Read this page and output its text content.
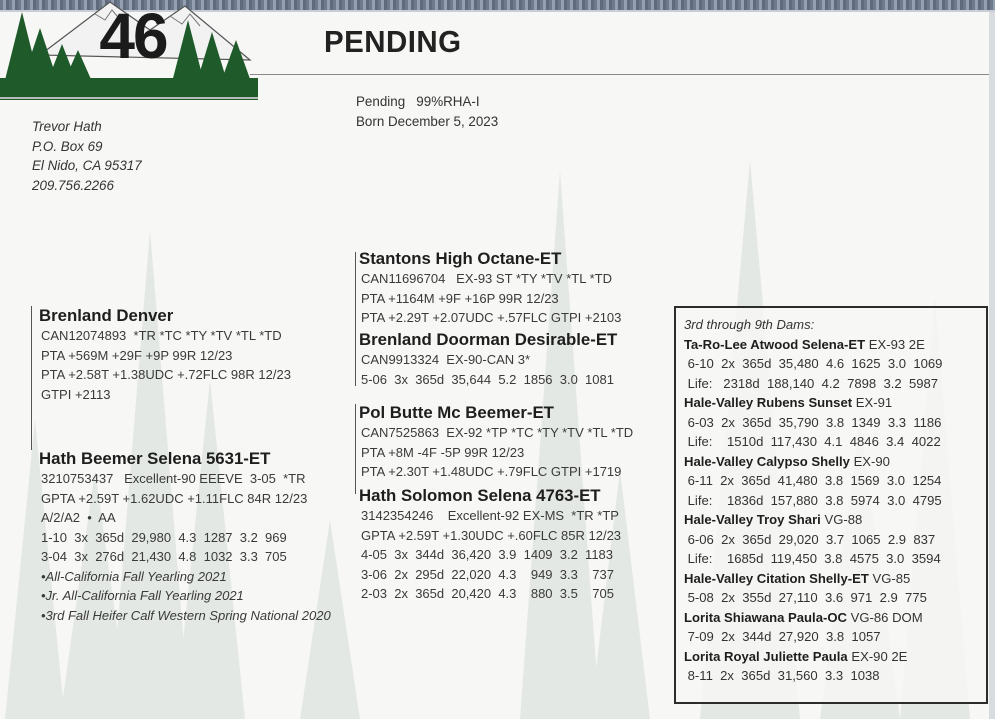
46	PENDING
Trevor Hath
P.O. Box 69
El Nido, CA 95317
209.756.2266
Pending   99%RHA-I
Born December 5, 2023
Brenland Denver
CAN12074893  *TR *TC *TY *TV *TL *TD
PTA +569M +29F +9P 99R 12/23
PTA +2.58T +1.38UDC +.72FLC 98R 12/23
GTPI +2113
Hath Beemer Selena 5631-ET
3210753437   Excellent-90 EEEVE  3-05  *TR
GPTA +2.59T +1.62UDC +1.11FLC 84R 12/23
A/2/A2  •  AA
1-10  3x  365d  29,980  4.3  1287  3.2  969
3-04  3x  276d  21,430  4.8  1032  3.3  705
•All-California Fall Yearling 2021
•Jr. All-California Fall Yearling 2021
•3rd Fall Heifer Calf Western Spring National 2020
Stantons High Octane-ET
CAN11696704   EX-93 ST *TY *TV *TL *TD
PTA +1164M +9F +16P 99R 12/23
PTA +2.29T +2.07UDC +.57FLC GTPI +2103
Brenland Doorman Desirable-ET
CAN9913324  EX-90-CAN 3*
5-06  3x  365d  35,644  5.2  1856  3.0  1081
Pol Butte Mc Beemer-ET
CAN7525863  EX-92 *TP *TC *TY *TV *TL *TD
PTA +8M -4F -5P 99R 12/23
PTA +2.30T +1.48UDC +.79FLC GTPI +1719
Hath Solomon Selena 4763-ET
3142354246    Excellent-92 EX-MS  *TR *TP
GPTA +2.59T +1.30UDC +.60FLC 85R 12/23
4-05  3x  344d  36,420  3.9  1409  3.2  1183
3-06  2x  295d  22,020  4.3    949  3.3    737
2-03  2x  365d  20,420  4.3    880  3.5    705
3rd through 9th Dams:
Ta-Ro-Lee Atwood Selena-ET EX-93 2E
6-10  2x  365d  35,480  4.6  1625  3.0  1069
Life:   2318d  188,140  4.2  7898  3.2  5987
Hale-Valley Rubens Sunset EX-91
6-03  2x  365d  35,790  3.8  1349  3.3  1186
Life:    1510d  117,430  4.1  4846  3.4  4022
Hale-Valley Calypso Shelly EX-90
6-11  2x  365d  41,480  3.8  1569  3.0  1254
Life:    1836d  157,880  3.8  5974  3.0  4795
Hale-Valley Troy Shari VG-88
6-06  2x  365d  29,020  3.7  1065  2.9  837
Life:    1685d  119,450  3.8  4575  3.0  3594
Hale-Valley Citation Shelly-ET VG-85
5-08  2x  355d  27,110  3.6  971  2.9  775
Lorita Shiawana Paula-OC VG-86 DOM
7-09  2x  344d  27,920  3.8  1057
Lorita Royal Juliette Paula EX-90 2E
8-11  2x  365d  31,560  3.3  1038
